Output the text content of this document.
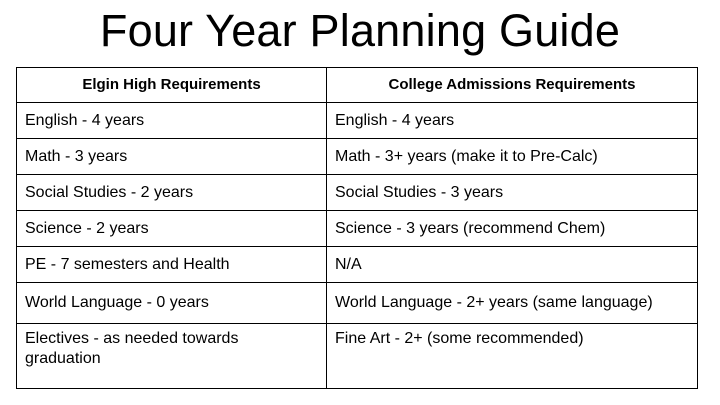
Four Year Planning Guide
Elgin High Requirements	College Admissions Requirements
English - 4 years	English - 4 years
Math - 3 years	Math - 3+ years (make it to Pre-Calc)
Social Studies - 2 years	Social Studies - 3 years
Science - 2 years	Science - 3 years (recommend Chem)
PE - 7 semesters and Health	N/A
World Language - 0 years	World Language - 2+ years (same language)
Electives - as needed towards graduation	Fine Art - 2+ (some recommended)
